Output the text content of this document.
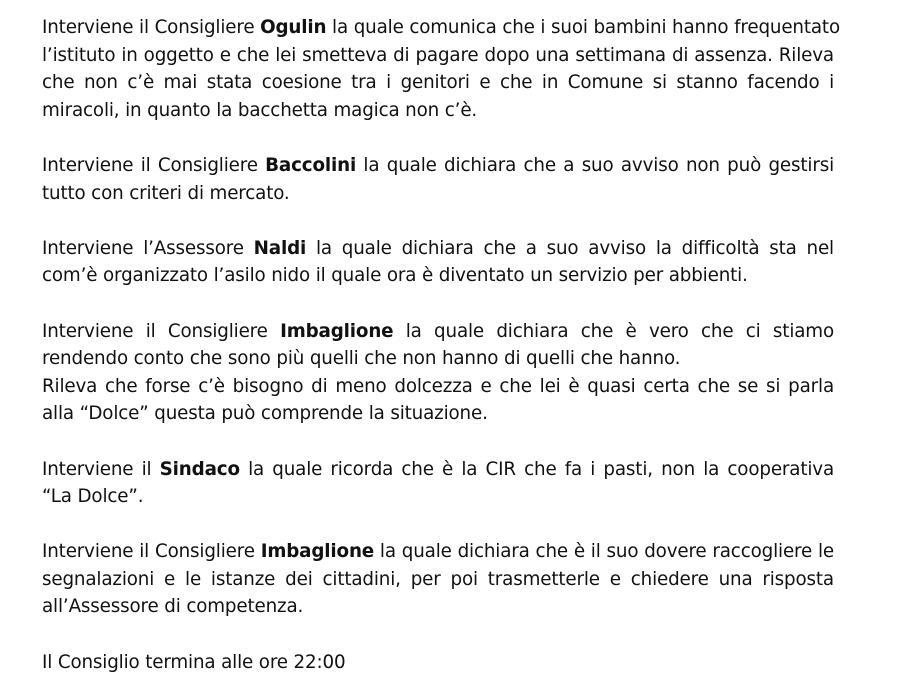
Interviene il Consigliere Ogulin la quale comunica che i suoi bambini hanno frequentato
l’istituto in oggetto e che lei smetteva di pagare dopo una settimana di assenza. Rileva
che non c’è mai stata coesione tra i genitori e che in Comune si stanno facendo i
miracoli, in quanto la bacchetta magica non c’è.
Interviene il Consigliere Baccolini la quale dichiara che a suo avviso non può gestirsi
tutto con criteri di mercato.
Interviene l’Assessore Naldi la quale dichiara che a suo avviso la difficoltà sta nel
com’è organizzato l’asilo nido il quale ora è diventato un servizio per abbienti.
Interviene il Consigliere Imbaglione la quale dichiara che è vero che ci stiamo
rendendo conto che sono più quelli che non hanno di quelli che hanno.
Rileva che forse c’è bisogno di meno dolcezza e che lei è quasi certa che se si parla
alla “Dolce” questa può comprende la situazione.
Interviene il Sindaco la quale ricorda che è la CIR che fa i pasti, non la cooperativa
“La Dolce”.
Interviene il Consigliere Imbaglione la quale dichiara che è il suo dovere raccogliere le
segnalazioni e le istanze dei cittadini, per poi trasmetterle e chiedere una risposta
all’Assessore di competenza.
Il Consiglio termina alle ore 22:00
